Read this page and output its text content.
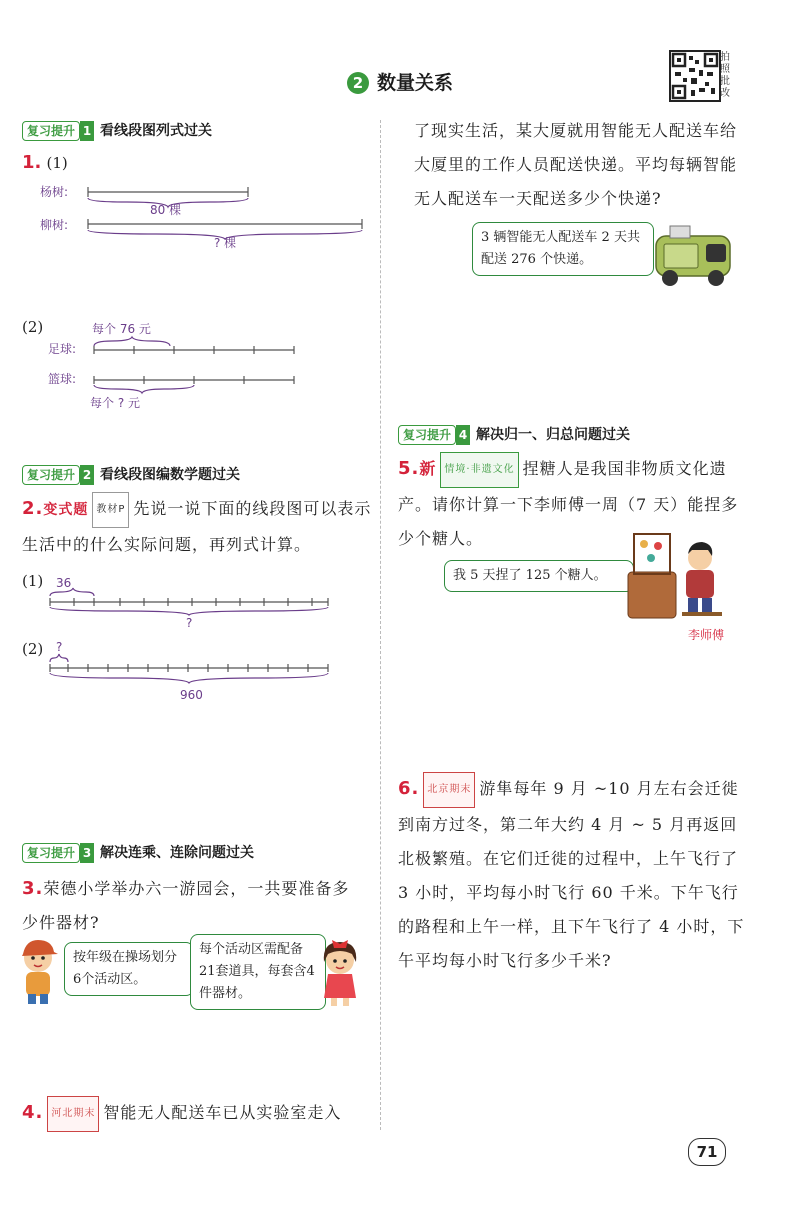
2 数量关系
拍照批改
复习提升 1 看线段图列式过关
1. (1)
杨树:
柳树:
80 棵
? 棵
(2)	每个 76 元
足球:
篮球:
每个 ? 元
复习提升 2 看线段图编数学题过关
2.变式题 教材P 先说一说下面的线段图可以表示生活中的什么实际问题，再列式计算。
(1) 36
?
(2) ?
960
复习提升 3 解决连乘、连除问题过关
3.荣德小学举办六一游园会，一共要准备多少件器材?
按年级在操场划分6个活动区。
每个活动区需配备21套道具，每套含4件器材。
4. 河北期末 智能无人配送车已从实验室走入
了现实生活，某大厦就用智能无人配送车给大厦里的工作人员配送快递。平均每辆智能无人配送车一天配送多少个快递?
3 辆智能无人配送车 2 天共配送 276 个快递。
复习提升 4 解决归一、归总问题过关
5.新 情境·非遗文化 捏糖人是我国非物质文化遗产。请你计算一下李师傅一周（7 天）能捏多少个糖人。
我 5 天捏了 125 个糖人。
李师傅
6. 北京期末 游隼每年 9 月 ~10 月左右会迁徙到南方过冬，第二年大约 4 月 ~ 5 月再返回北极繁殖。在它们迁徙的过程中，上午飞行了 3 小时，平均每小时飞行 60 千米。下午飞行的路程和上午一样，且下午飞行了 4 小时，下午平均每小时飞行多少千米?
71
